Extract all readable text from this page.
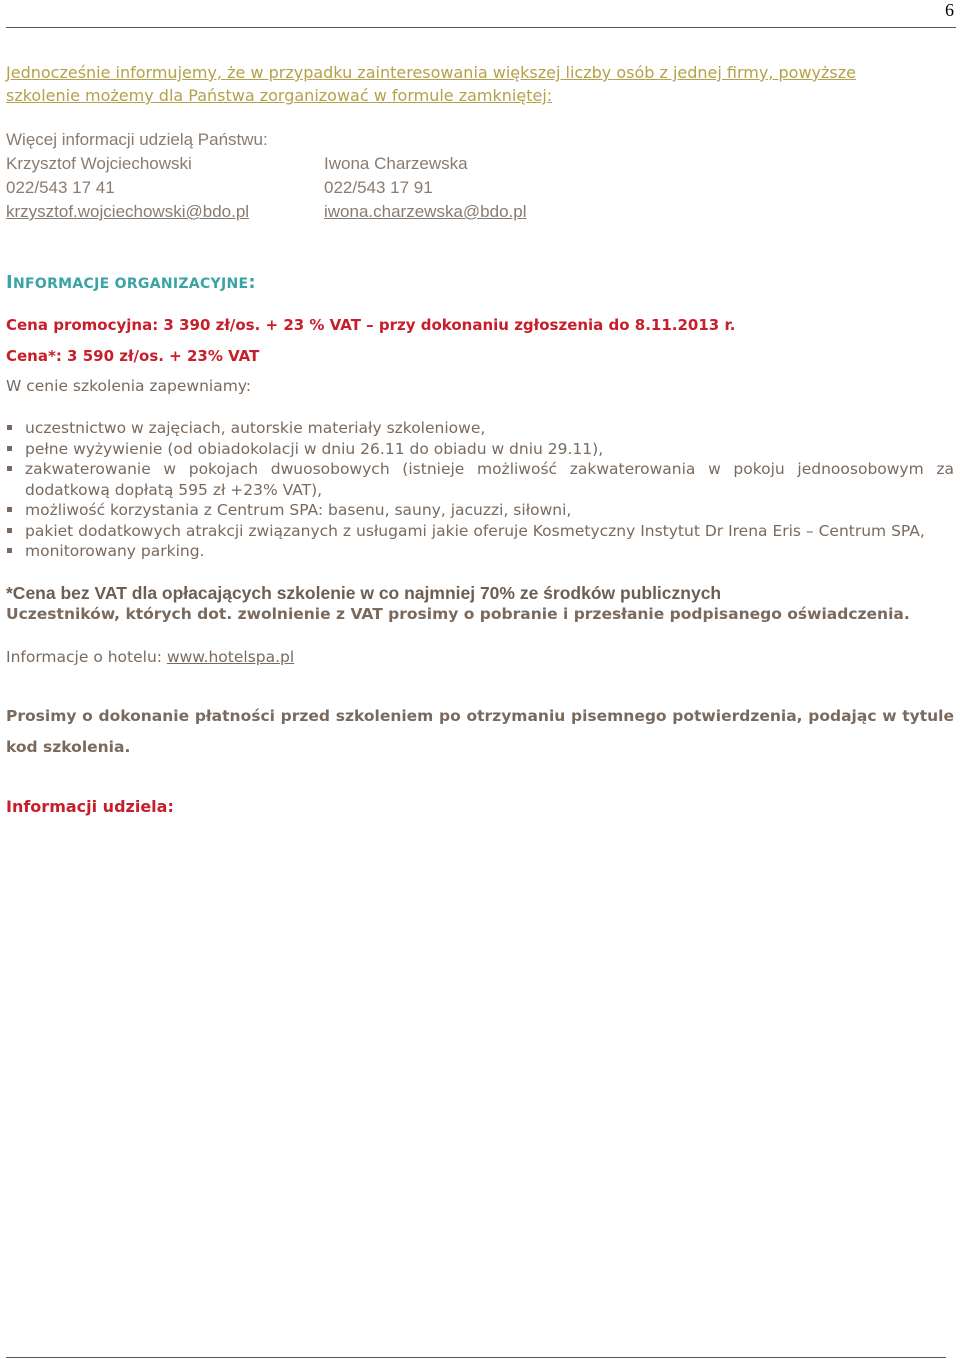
6
Jednocześnie informujemy, że w przypadku zainteresowania większej liczby osób z jednej firmy, powyższe
szkolenie możemy dla Państwa zorganizować w formule zamkniętej:
Więcej informacji udzielą Państwu:
Krzysztof Wojciechowski
022/543 17 41
krzysztof.wojciechowski@bdo.pl
Iwona Charzewska
022/543 17 91
iwona.charzewska@bdo.pl
INFORMACJE ORGANIZACYJNE:
Cena promocyjna: 3 390 zł/os. + 23 % VAT – przy dokonaniu zgłoszenia do 8.11.2013 r.
Cena*: 3 590 zł/os. + 23% VAT
W cenie szkolenia zapewniamy:
uczestnictwo w zajęciach, autorskie materiały szkoleniowe,
pełne wyżywienie (od obiadokolacji w dniu 26.11 do obiadu w dniu 29.11),
zakwaterowanie w pokojach dwuosobowych (istnieje możliwość zakwaterowania w pokoju jednoosobowym za dodatkową dopłatą 595 zł +23% VAT),
możliwość korzystania z Centrum SPA: basenu, sauny, jacuzzi, siłowni,
pakiet dodatkowych atrakcji związanych z usługami jakie oferuje Kosmetyczny Instytut Dr Irena Eris – Centrum SPA,
monitorowany parking.
*Cena bez VAT dla opłacających szkolenie w co najmniej 70% ze środków publicznych
Uczestników, których dot. zwolnienie z VAT prosimy o pobranie i przesłanie podpisanego oświadczenia.
Informacje o hotelu: www.hotelspa.pl
Prosimy o dokonanie płatności przed szkoleniem po otrzymaniu pisemnego potwierdzenia, podając w tytule kod szkolenia.
Informacji udziela:
